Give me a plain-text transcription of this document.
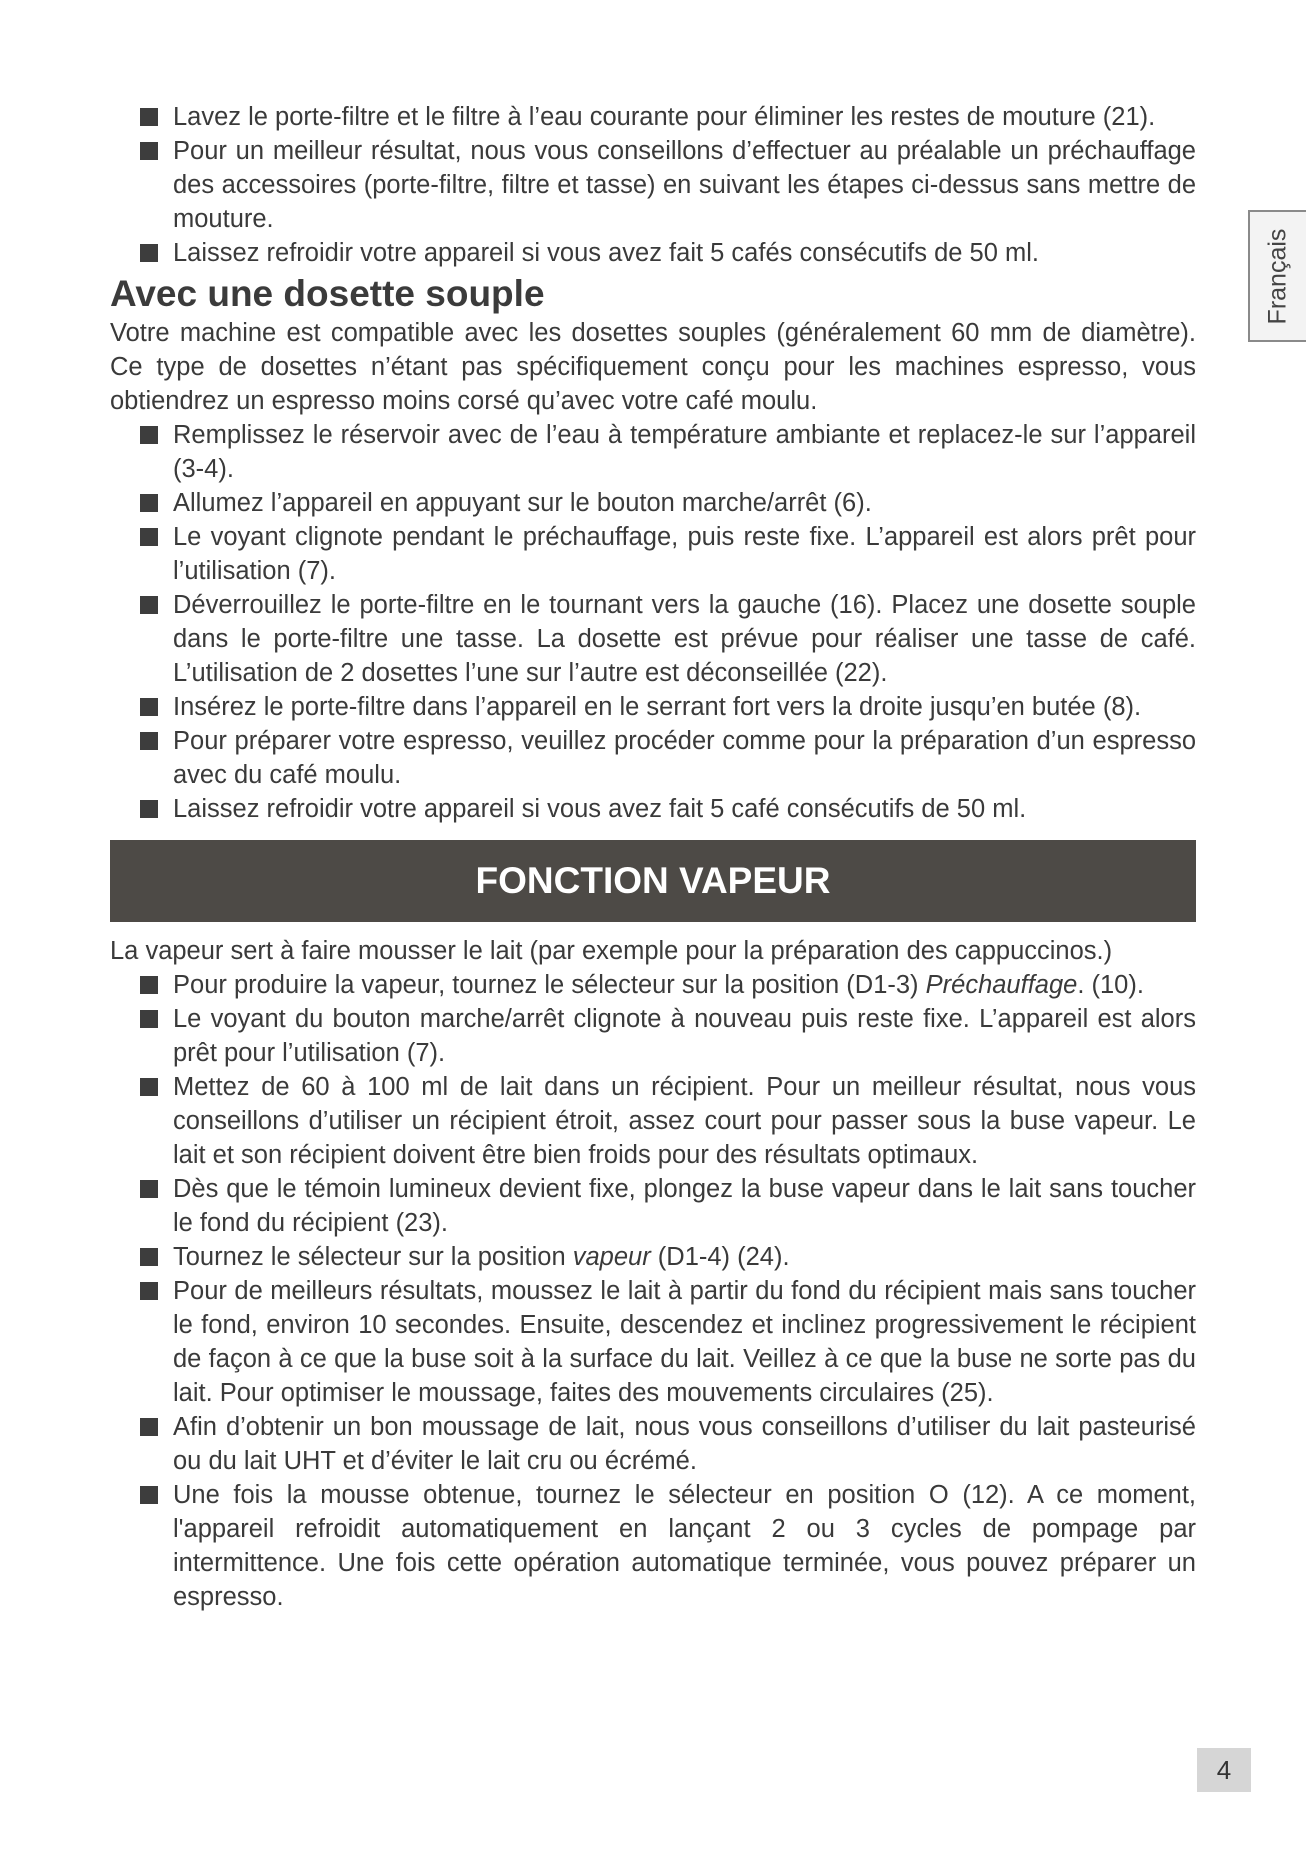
Français
Lavez le porte-filtre et le filtre à l’eau courante pour éliminer les restes de mouture (21).
Pour un meilleur résultat, nous vous conseillons d’effectuer au préalable un préchauffage des accessoires (porte-filtre, filtre et tasse) en suivant les étapes ci-dessus sans mettre de mouture.
Laissez refroidir votre appareil si vous avez fait 5 cafés consécutifs de 50 ml.
Avec une dosette souple

Votre machine est compatible avec les dosettes souples (généralement 60 mm de diamètre). Ce type de dosettes n’étant pas spécifiquement conçu pour les machines espresso, vous obtiendrez un espresso moins corsé qu’avec votre café moulu.

Remplissez le réservoir avec de l’eau à température ambiante et replacez-le sur l’appareil (3-4).
Allumez l’appareil en appuyant sur le bouton marche/arrêt (6).
Le voyant clignote pendant le préchauffage, puis reste fixe. L’appareil est alors prêt pour l’utilisation (7).
Déverrouillez le porte-filtre en le tournant vers la gauche (16). Placez une dosette souple dans le porte-filtre une tasse. La dosette est prévue pour réaliser une tasse de café. L’utilisation de 2 dosettes l’une sur l’autre est déconseillée (22).
Insérez le porte-filtre dans l’appareil en le serrant fort vers la droite jusqu’en butée (8).
Pour préparer votre espresso, veuillez procéder comme pour la préparation d’un espresso avec du café moulu.
Laissez refroidir votre appareil si vous avez fait 5 café consécutifs de 50 ml.
FONCTION VAPEUR

La vapeur sert à faire mousser le lait (par exemple pour la préparation des cappuccinos.)

Pour produire la vapeur, tournez le sélecteur sur la position (D1-3) Préchauffage. (10).
Le voyant du bouton marche/arrêt clignote à nouveau puis reste fixe. L’appareil est alors prêt pour l’utilisation (7).
Mettez de 60 à 100 ml de lait dans un récipient. Pour un meilleur résultat, nous vous conseillons d’utiliser un récipient étroit, assez court pour passer sous la buse vapeur. Le lait et son récipient doivent être bien froids pour des résultats optimaux.
Dès que le témoin lumineux devient fixe, plongez la buse vapeur dans le lait sans toucher le fond du récipient (23).
Tournez le sélecteur sur la position vapeur (D1-4) (24).
Pour de meilleurs résultats, moussez le lait à partir du fond du récipient mais sans toucher le fond, environ 10 secondes. Ensuite, descendez et inclinez progressivement le récipient de façon à ce que la buse soit à la surface du lait. Veillez à ce que la buse ne sorte pas du lait. Pour optimiser le moussage, faites des mouvements circulaires (25).
Afin d’obtenir un bon moussage de lait, nous vous conseillons d’utiliser du lait pasteurisé ou du lait UHT et d’éviter le lait cru ou écrémé.
Une fois la mousse obtenue, tournez le sélecteur en position O (12). A ce moment, l'appareil refroidit automatiquement en lançant 2 ou 3 cycles de pompage par intermittence. Une fois cette opération automatique terminée, vous pouvez préparer un espresso.
4
